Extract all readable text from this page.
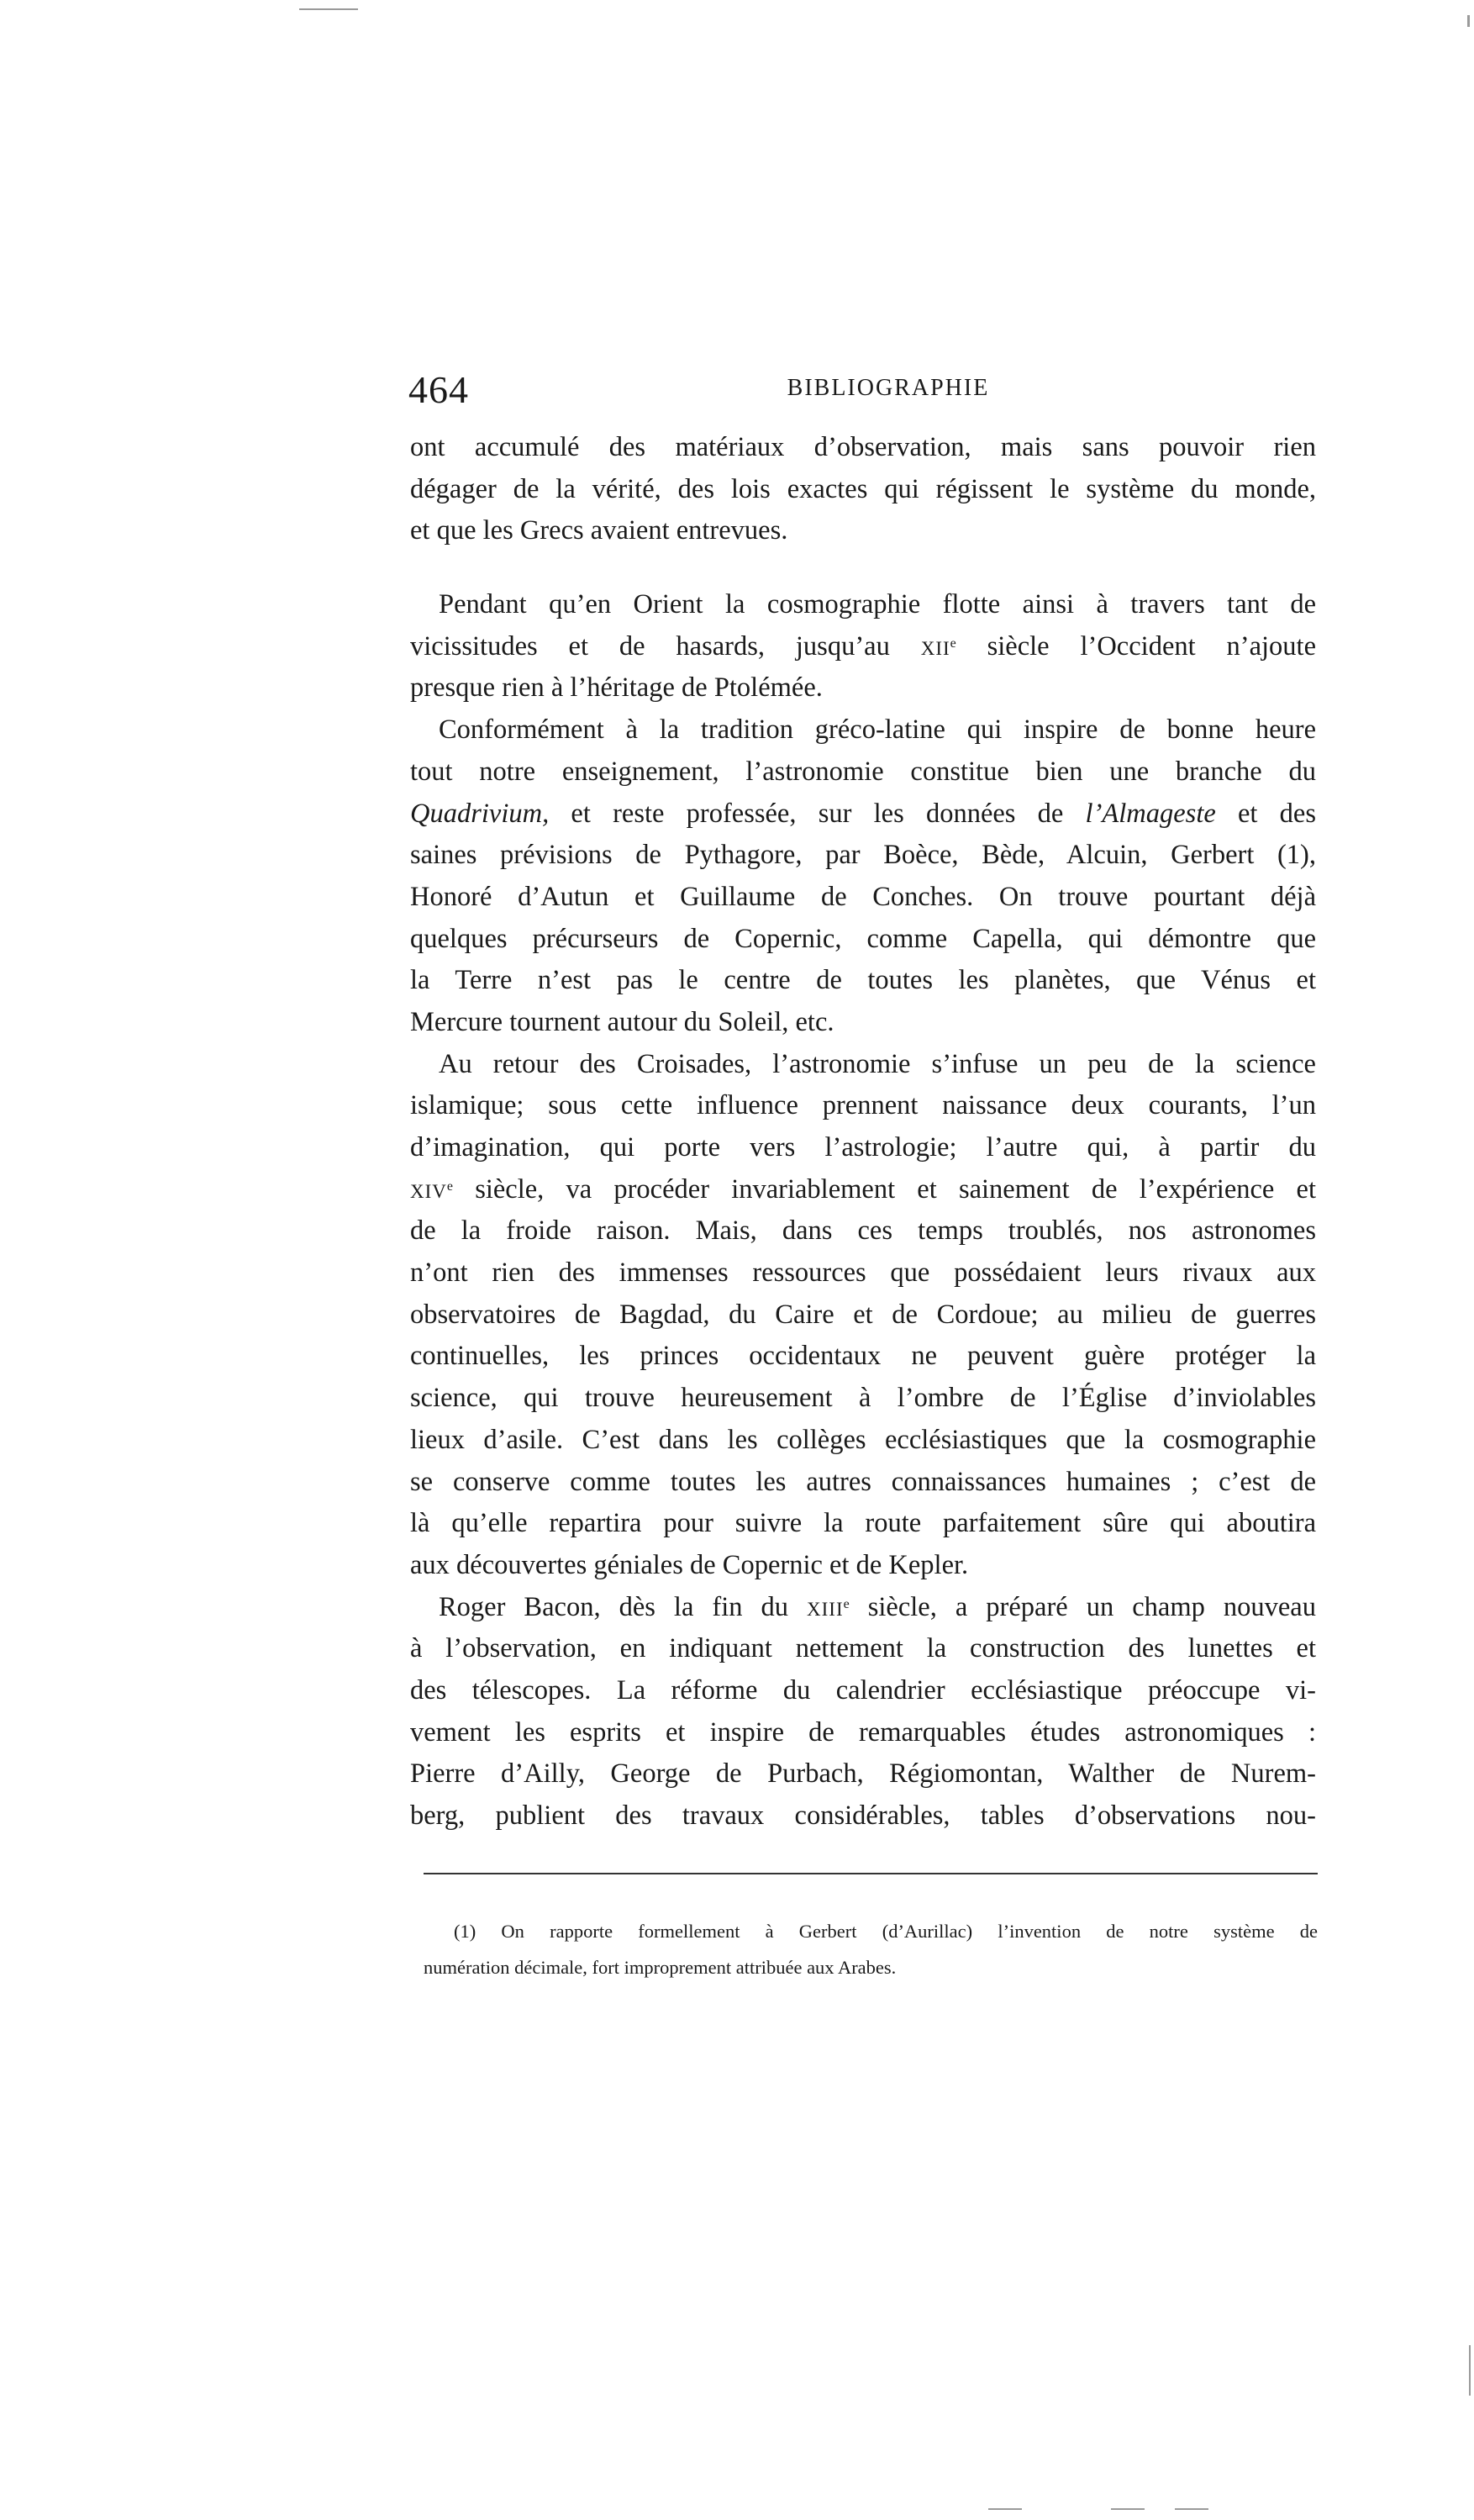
464	BIBLIOGRAPHIE
ont accumulé des matériaux d’observation, mais sans pouvoir rien
dégager de la vérité, des lois exactes qui régissent le système du monde,
et que les Grecs avaient entrevues.
Pendant qu’en Orient la cosmographie flotte ainsi à travers tant de
vicissitudes et de hasards, jusqu’au XIIe siècle l’Occident n’ajoute
presque rien à l’héritage de Ptolémée.
Conformément à la tradition gréco-latine qui inspire de bonne heure
tout notre enseignement, l’astronomie constitue bien une branche du
Quadrivium, et reste professée, sur les données de l’Almageste et des
saines prévisions de Pythagore, par Boèce, Bède, Alcuin, Gerbert (1),
Honoré d’Autun et Guillaume de Conches. On trouve pourtant déjà
quelques précurseurs de Copernic, comme Capella, qui démontre que
la Terre n’est pas le centre de toutes les planètes, que Vénus et
Mercure tournent autour du Soleil, etc.
Au retour des Croisades, l’astronomie s’infuse un peu de la science
islamique; sous cette influence prennent naissance deux courants, l’un
d’imagination, qui porte vers l’astrologie; l’autre qui, à partir du
XIVe siècle, va procéder invariablement et sainement de l’expérience et
de la froide raison. Mais, dans ces temps troublés, nos astronomes
n’ont rien des immenses ressources que possédaient leurs rivaux aux
observatoires de Bagdad, du Caire et de Cordoue; au milieu de guerres
continuelles, les princes occidentaux ne peuvent guère protéger la
science, qui trouve heureusement à l’ombre de l’Église d’inviolables
lieux d’asile. C’est dans les collèges ecclésiastiques que la cosmographie
se conserve comme toutes les autres connaissances humaines ; c’est de
là qu’elle repartira pour suivre la route parfaitement sûre qui aboutira
aux découvertes géniales de Copernic et de Kepler.
Roger Bacon, dès la fin du XIIIe siècle, a préparé un champ nouveau
à l’observation, en indiquant nettement la construction des lunettes et
des télescopes. La réforme du calendrier ecclésiastique préoccupe vi-
vement les esprits et inspire de remarquables études astronomiques :
Pierre d’Ailly, George de Purbach, Régiomontan, Walther de Nurem-
berg, publient des travaux considérables, tables d’observations nou-
(1) On rapporte formellement à Gerbert (d’Aurillac) l’invention de notre système de
numération décimale, fort improprement attribuée aux Arabes.
